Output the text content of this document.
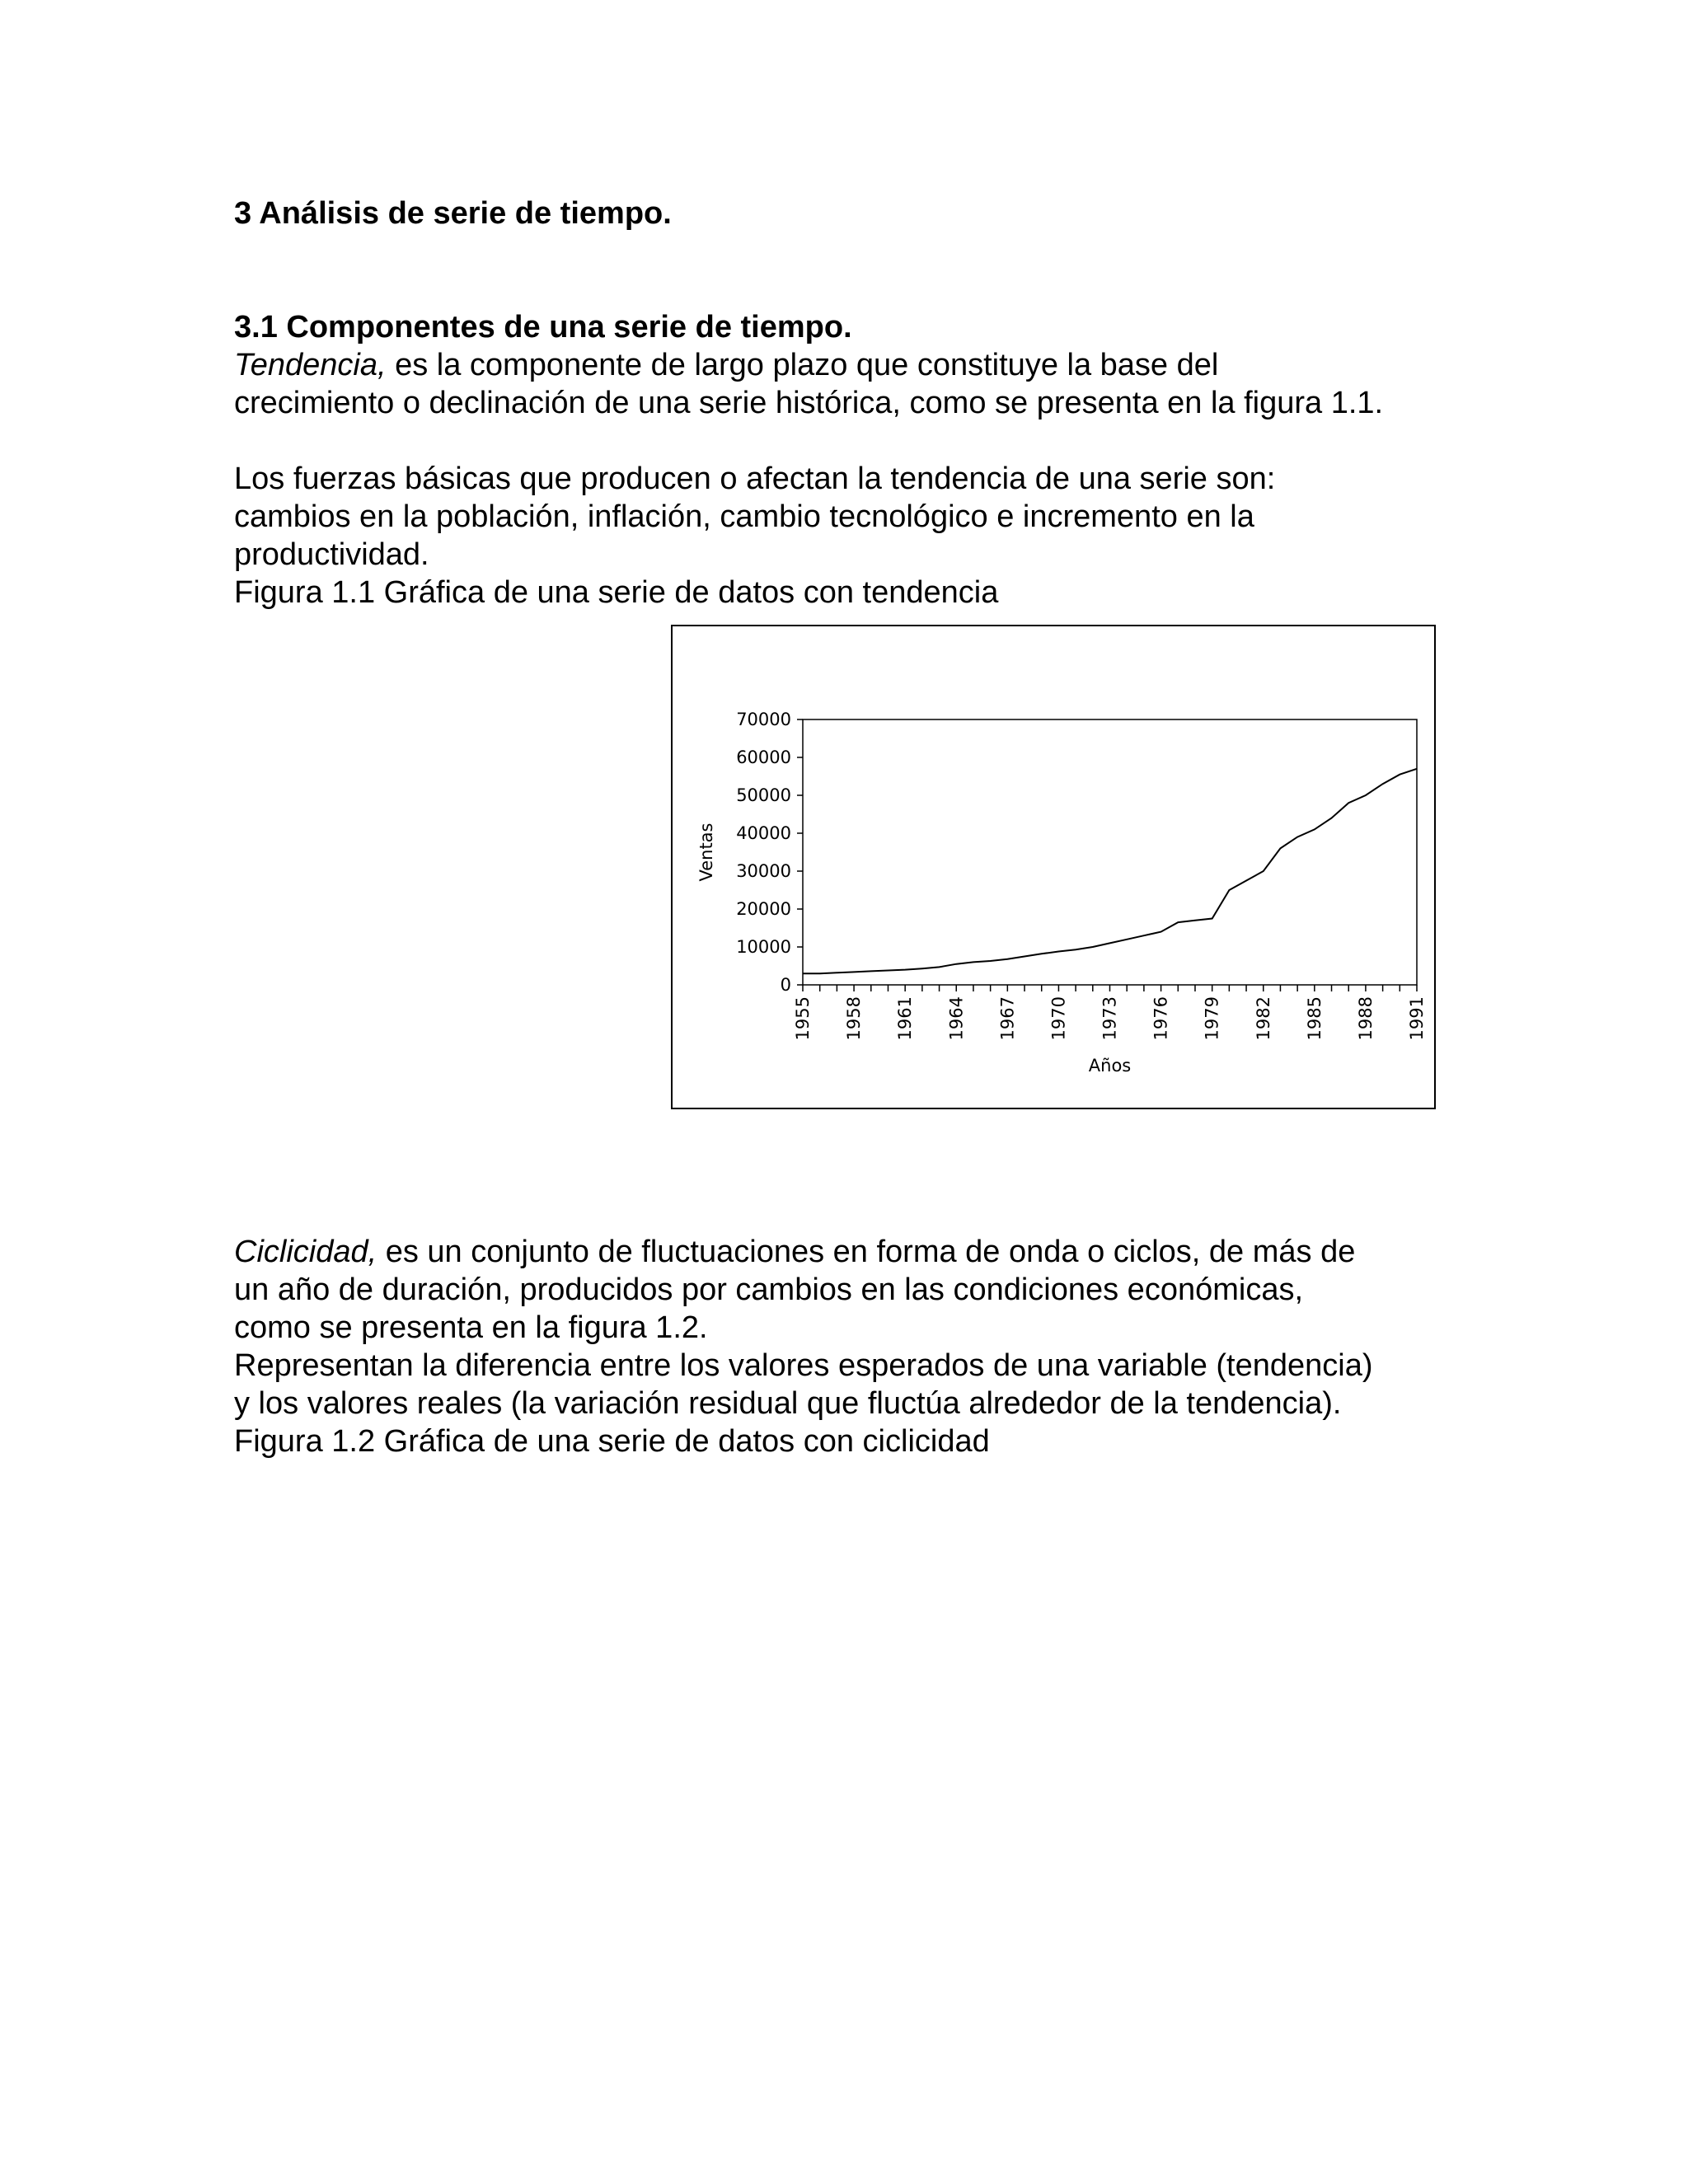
3 Análisis de serie de tiempo.
3.1 Componentes de una serie de tiempo.
Tendencia, es la componente de largo plazo que constituye la base del
crecimiento o declinación de una serie histórica, como se presenta en la figura 1.1.
Los fuerzas básicas que producen o afectan la tendencia de una serie son:
cambios en la población, inflación, cambio tecnológico e incremento en la
productividad.
Figura 1.1 Gráfica de una serie de datos con tendencia
0
10000
20000
30000
40000
50000
60000
70000
1955 1958 1961 1964 1967 1970 1973 1976 1979 1982 1985 1988 1991
Ventas
Años
Ciclicidad, es un conjunto de fluctuaciones en forma de onda o ciclos, de más de
un año de duración, producidos por cambios en las condiciones económicas,
como se presenta en la figura 1.2.
Representan la diferencia entre los valores esperados de una variable (tendencia)
y los valores reales (la variación residual que fluctúa alrededor de la tendencia).
Figura 1.2 Gráfica de una serie de datos con ciclicidad
